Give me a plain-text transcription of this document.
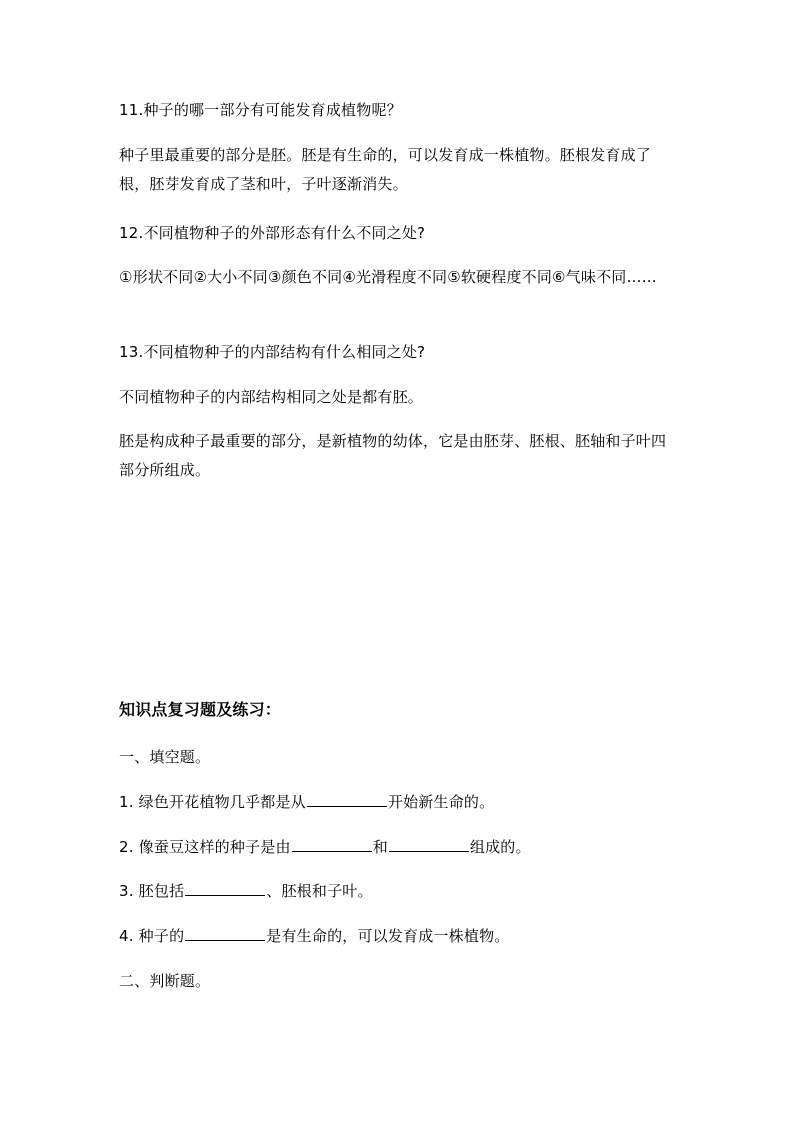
11.种子的哪一部分有可能发育成植物呢？

种子里最重要的部分是胚。胚是有生命的，可以发育成一株植物。胚根发育成了根，胚芽发育成了茎和叶，子叶逐渐消失。

12.不同植物种子的外部形态有什么不同之处?

①形状不同②大小不同③颜色不同④光滑程度不同⑤软硬程度不同⑥气味不同……

13.不同植物种子的内部结构有什么相同之处?

不同植物种子的内部结构相同之处是都有胚。

胚是构成种子最重要的部分，是新植物的幼体，它是由胚芽、胚根、胚轴和子叶四部分所组成。

知识点复习题及练习：

一、填空题。

1. 绿色开花植物几乎都是从	开始新生命的。

2. 像蚕豆这样的种子是由	和	组成的。

3. 胚包括	、胚根和子叶。

4. 种子的	是有生命的，可以发育成一株植物。

二、判断题。
